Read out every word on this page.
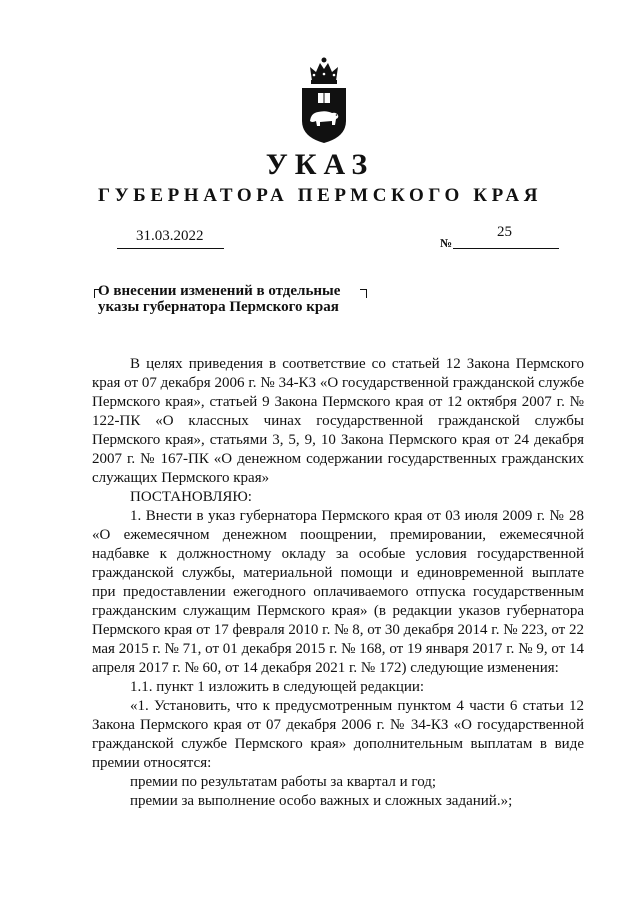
УКАЗ
ГУБЕРНАТОРА ПЕРМСКОГО КРАЯ
31.03.2022	№
25
О внесении изменений в отдельные
указы губернатора Пермского края

В целях приведения в соответствие со статьей 12 Закона Пермского края от 07 декабря 2006 г. № 34-КЗ «О государственной гражданской службе Пермского края», статьей 9 Закона Пермского края от 12 октября 2007 г. № 122-ПК «О классных чинах государственной гражданской службы Пермского края», статьями 3, 5, 9, 10 Закона Пермского края от 24 декабря 2007 г. № 167-ПК «О денежном содержании государственных гражданских служащих Пермского края»

ПОСТАНОВЛЯЮ:

1. Внести в указ губернатора Пермского края от 03 июля 2009 г. № 28 «О ежемесячном денежном поощрении, премировании, ежемесячной надбавке к должностному окладу за особые условия государственной гражданской службы, материальной помощи и единовременной выплате при предоставлении ежегодного оплачиваемого отпуска государственным гражданским служащим Пермского края» (в редакции указов губернатора Пермского края от 17 февраля 2010 г. № 8, от 30 декабря 2014 г. № 223, от 22 мая 2015 г. № 71, от 01 декабря 2015 г. № 168, от 19 января 2017 г. № 9, от 14 апреля 2017 г. № 60, от 14 декабря 2021 г. № 172) следующие изменения:

1.1. пункт 1 изложить в следующей редакции:

«1. Установить, что к предусмотренным пунктом 4 части 6 статьи 12 Закона Пермского края от 07 декабря 2006 г. № 34-КЗ «О государственной гражданской службе Пермского края» дополнительным выплатам в виде премии относятся:

премии по результатам работы за квартал и год;

премии за выполнение особо важных и сложных заданий.»;
